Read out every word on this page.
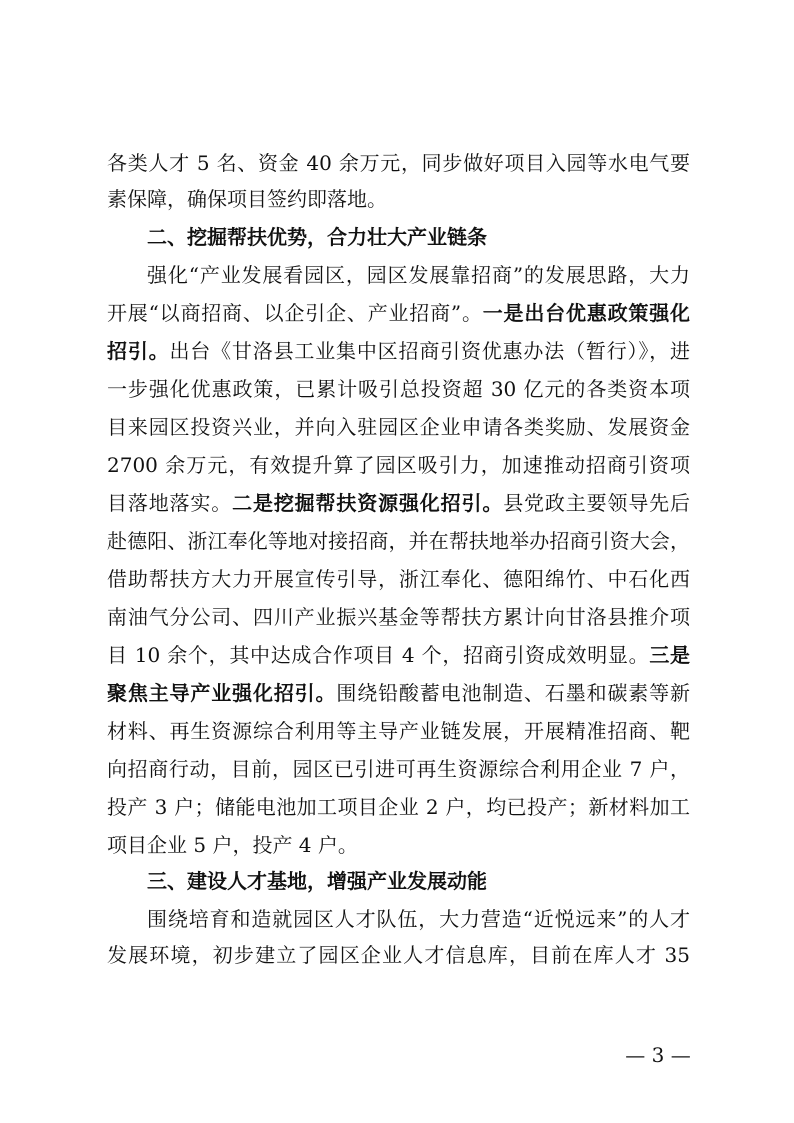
各类人才 5 名、资金 40 余万元，同步做好项目入园等水电气要
素保障，确保项目签约即落地。
二、挖掘帮扶优势，合力壮大产业链条
强化“产业发展看园区，园区发展靠招商”的发展思路，大力
开展“以商招商、以企引企、产业招商”。一是出台优惠政策强化
招引。出台《甘洛县工业集中区招商引资优惠办法（暂行）》，进
一步强化优惠政策，已累计吸引总投资超 30 亿元的各类资本项
目来园区投资兴业，并向入驻园区企业申请各类奖励、发展资金
2700 余万元，有效提升算了园区吸引力，加速推动招商引资项
目落地落实。二是挖掘帮扶资源强化招引。县党政主要领导先后
赴德阳、浙江奉化等地对接招商，并在帮扶地举办招商引资大会，
借助帮扶方大力开展宣传引导，浙江奉化、德阳绵竹、中石化西
南油气分公司、四川产业振兴基金等帮扶方累计向甘洛县推介项
目 10 余个，其中达成合作项目 4 个，招商引资成效明显。三是
聚焦主导产业强化招引。围绕铅酸蓄电池制造、石墨和碳素等新
材料、再生资源综合利用等主导产业链发展，开展精准招商、靶
向招商行动，目前，园区已引进可再生资源综合利用企业 7 户，
投产 3 户；储能电池加工项目企业 2 户，均已投产；新材料加工
项目企业 5 户，投产 4 户。
三、建设人才基地，增强产业发展动能
围绕培育和造就园区人才队伍，大力营造“近悦远来”的人才
发展环境，初步建立了园区企业人才信息库，目前在库人才 35
— 3 —
